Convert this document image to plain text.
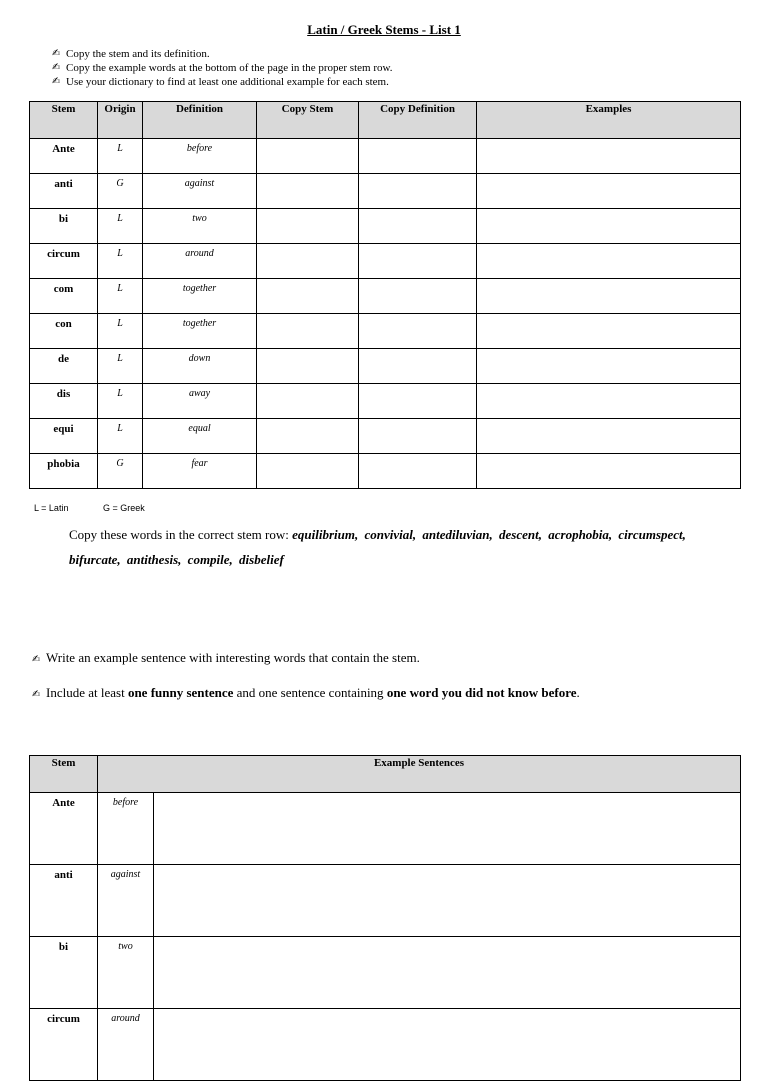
Latin / Greek Stems - List 1
✍ Copy the stem and its definition.
✍ Copy the example words at the bottom of the page in the proper stem row.
✍ Use your dictionary to find at least one additional example for each stem.
Stem	Origin	Definition	Copy Stem	Copy Definition	Examples
Ante	L	before			
anti	G	against			
bi	L	two			
circum	L	around			
com	L	together			
con	L	together			
de	L	down			
dis	L	away			
equi	L	equal			
phobia	G	fear			
L = Latin	G = Greek
Copy these words in the correct stem row: equilibrium, convivial, antediluvian, descent, acrophobia, circumspect, bifurcate, antithesis, compile, disbelief
✍ Write an example sentence with interesting words that contain the stem.
✍ Include at least one funny sentence and one sentence containing one word you did not know before.
Stem	Example Sentences	
Ante	before	
anti	against	
bi	two	
circum	around	
